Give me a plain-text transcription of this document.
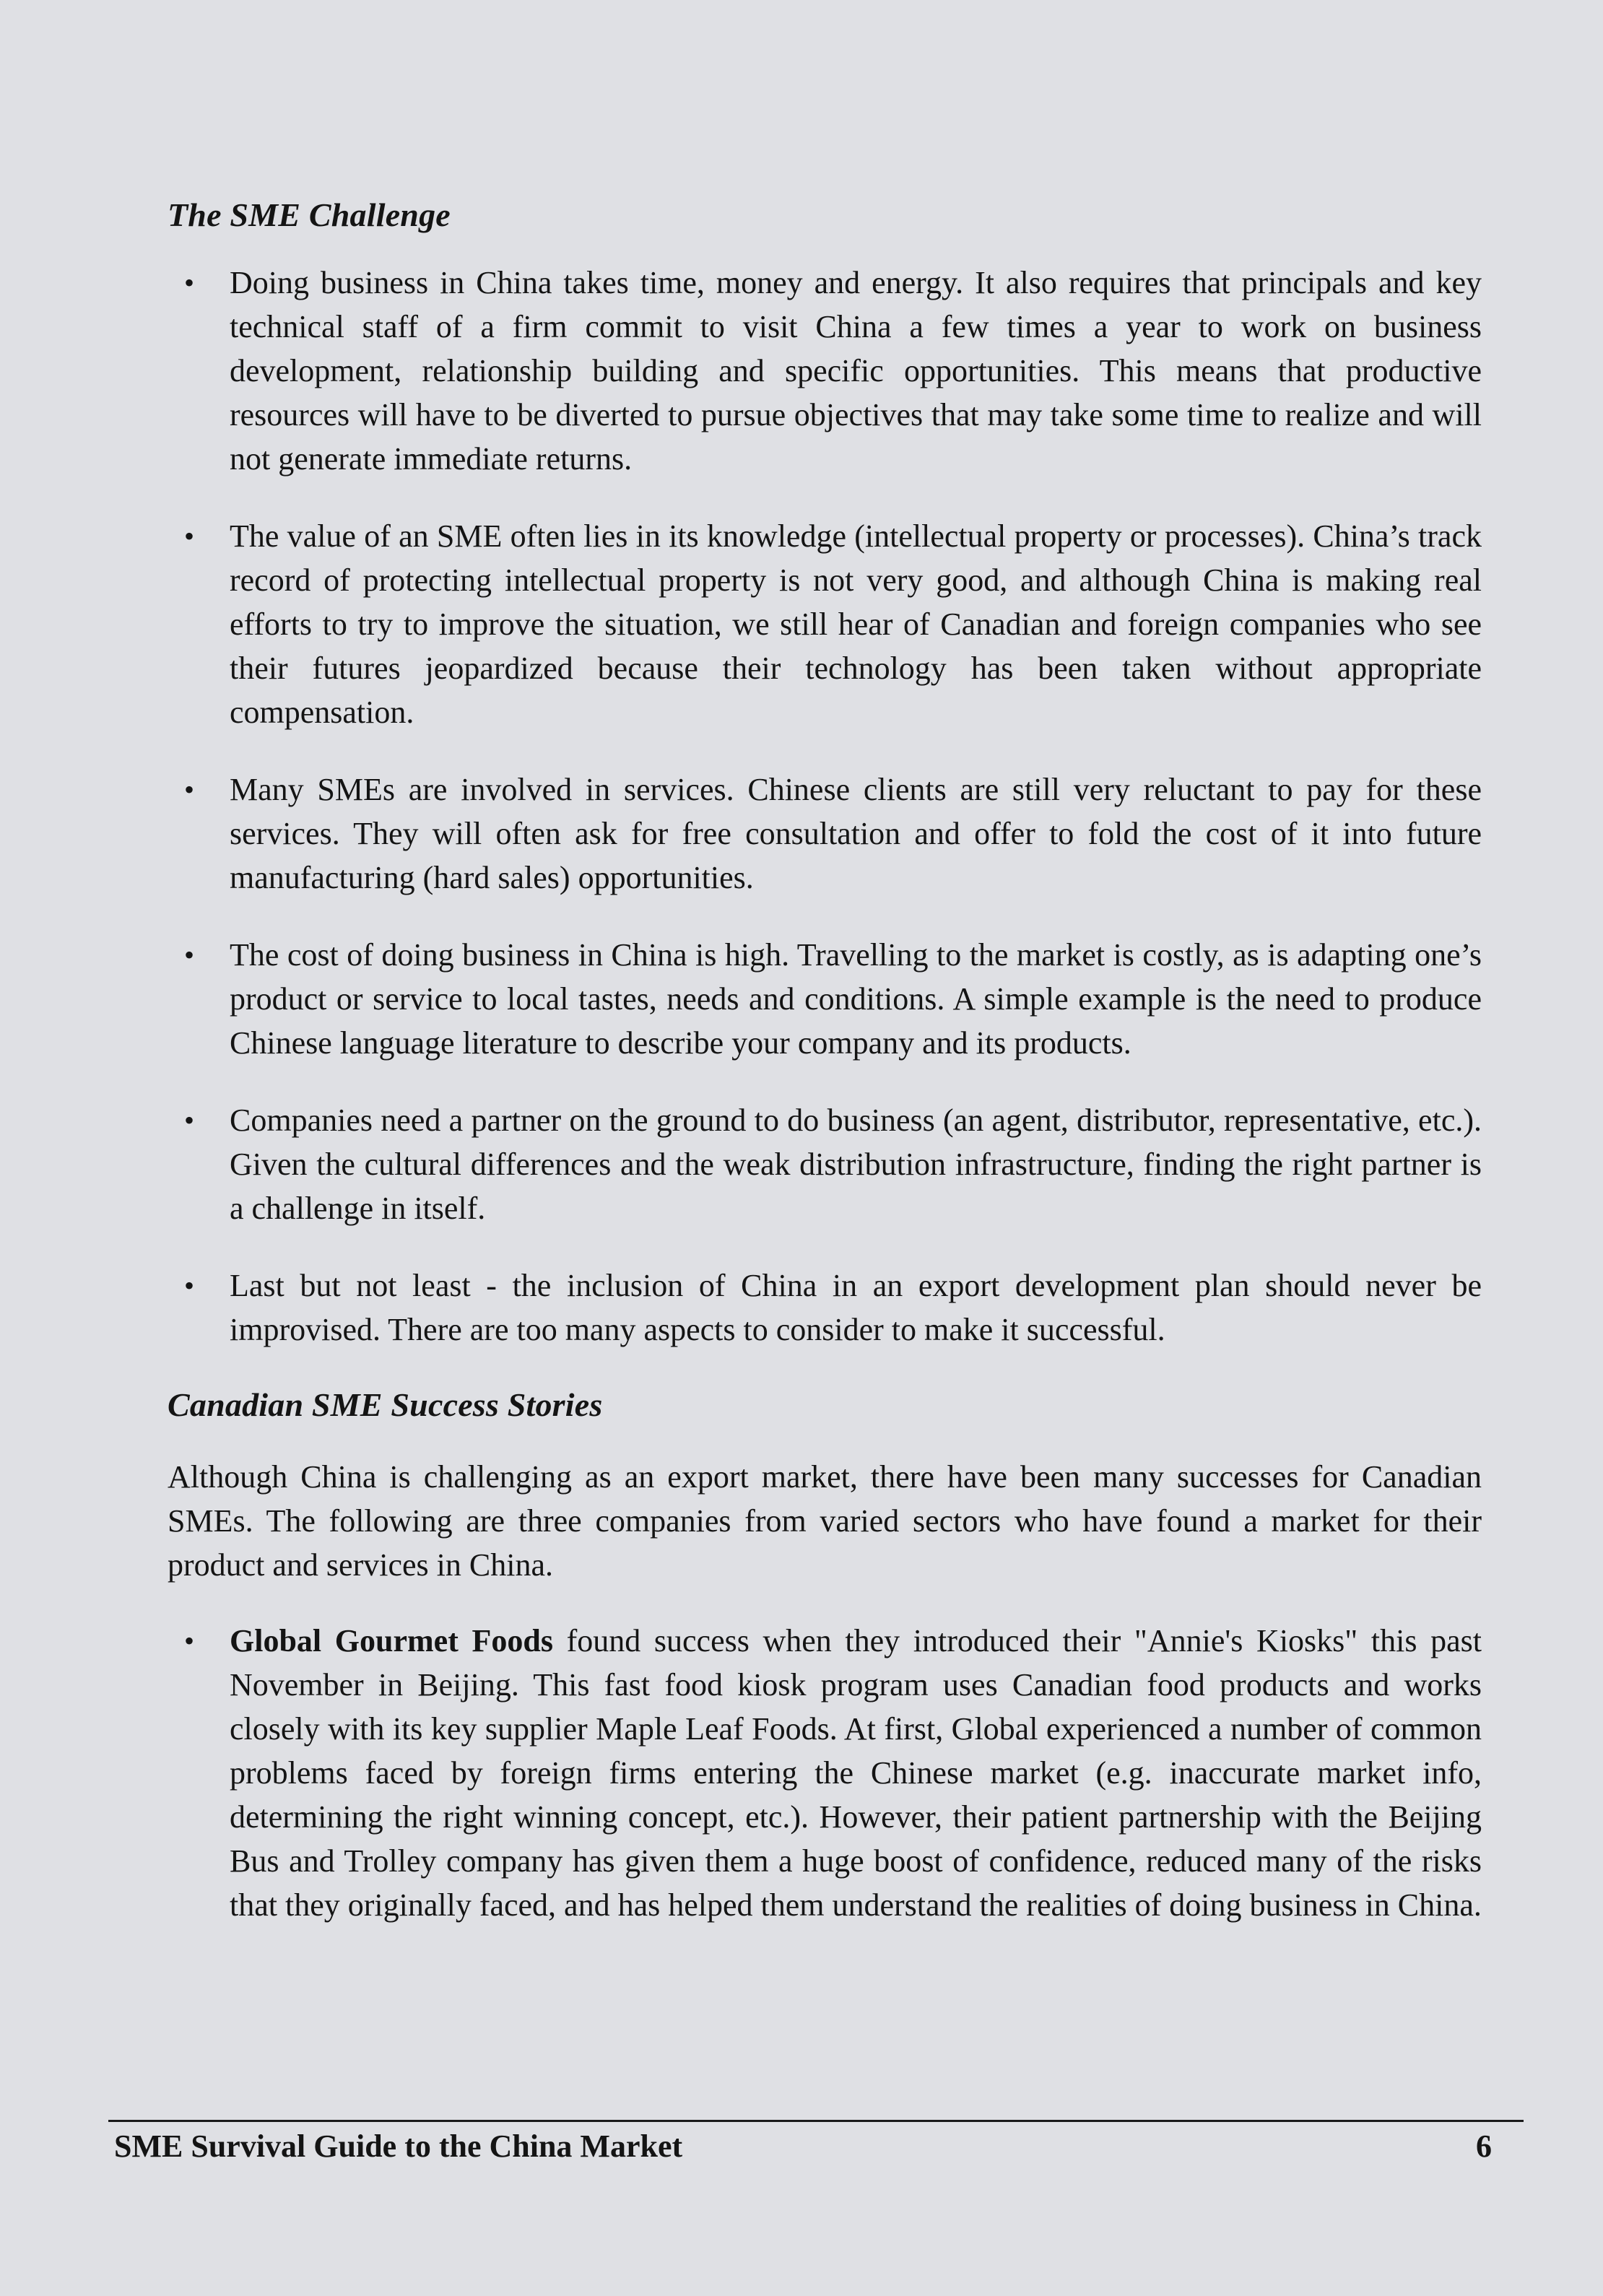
The SME Challenge
• Doing business in China takes time, money and energy. It also requires that principals and key technical staff of a firm commit to visit China a few times a year to work on business development, relationship building and specific opportunities. This means that productive resources will have to be diverted to pursue objectives that may take some time to realize and will not generate immediate returns.
• The value of an SME often lies in its knowledge (intellectual property or processes). China’s track record of protecting intellectual property is not very good, and although China is making real efforts to try to improve the situation, we still hear of Canadian and foreign companies who see their futures jeopardized because their technology has been taken without appropriate compensation.
• Many SMEs are involved in services. Chinese clients are still very reluctant to pay for these services. They will often ask for free consultation and offer to fold the cost of it into future manufacturing (hard sales) opportunities.
• The cost of doing business in China is high. Travelling to the market is costly, as is adapting one’s product or service to local tastes, needs and conditions. A simple example is the need to produce Chinese language literature to describe your company and its products.
• Companies need a partner on the ground to do business (an agent, distributor, representative, etc.). Given the cultural differences and the weak distribution infrastructure, finding the right partner is a challenge in itself.
• Last but not least - the inclusion of China in an export development plan should never be improvised. There are too many aspects to consider to make it successful.
Canadian SME Success Stories

Although China is challenging as an export market, there have been many successes for Canadian SMEs. The following are three companies from varied sectors who have found a market for their product and services in China.

• Global Gourmet Foods found success when they introduced their "Annie's Kiosks" this past November in Beijing. This fast food kiosk program uses Canadian food products and works closely with its key supplier Maple Leaf Foods. At first, Global experienced a number of common problems faced by foreign firms entering the Chinese market (e.g. inaccurate market info, determining the right winning concept, etc.). However, their patient partnership with the Beijing Bus and Trolley company has given them a huge boost of confidence, reduced many of the risks that they originally faced, and has helped them understand the realities of doing business in China.
SME Survival Guide to the China Market	6
